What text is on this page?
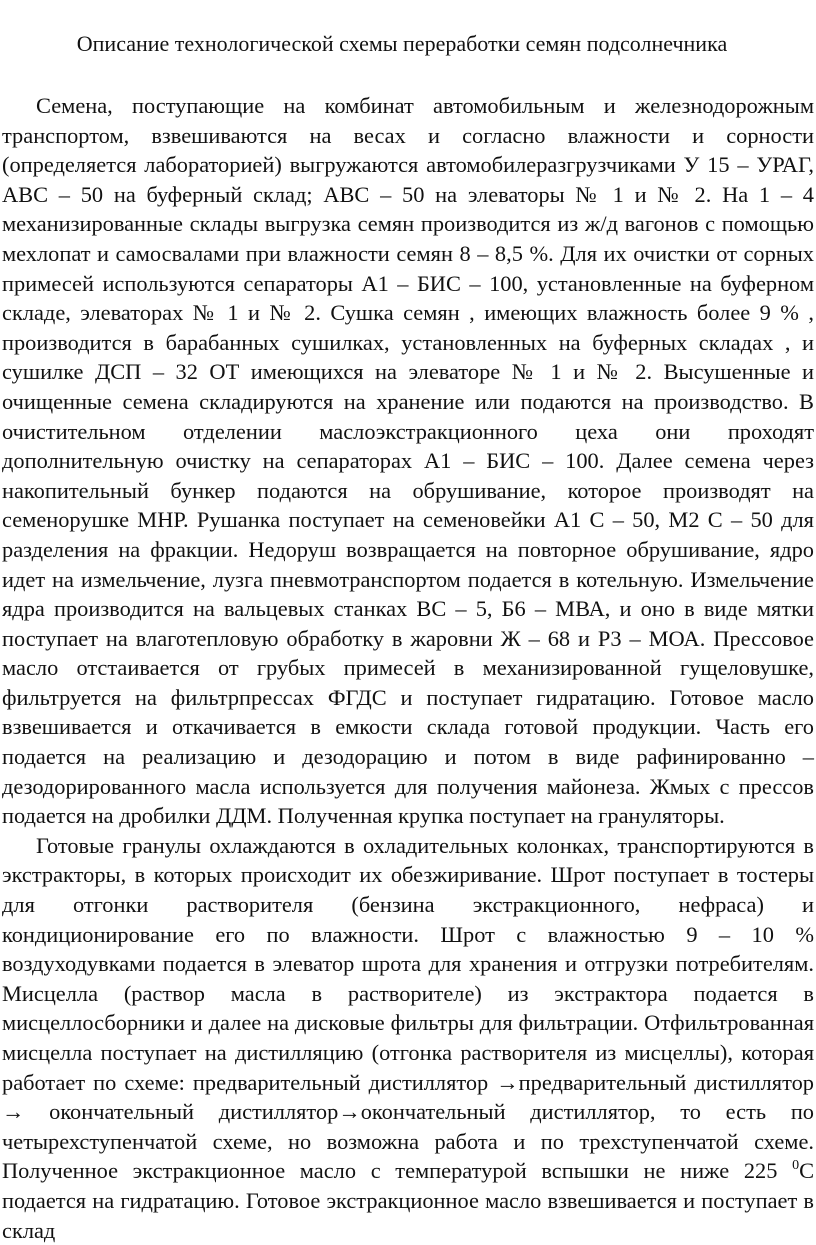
Описание технологической схемы переработки семян подсолнечника

Семена, поступающие на комбинат автомобильным и железнодорожным транспортом, взвешиваются на весах и согласно влажности и сорности (определяется лабораторией) выгружаются автомобилеразгрузчиками У 15 – УРАГ, АВС – 50 на буферный склад; АВС – 50 на элеваторы № 1 и № 2. На 1 – 4 механизированные склады выгрузка семян производится из ж/д вагонов с помощью мехлопат и самосвалами при влажности семян 8 – 8,5 %. Для их очистки от сорных примесей используются сепараторы А1 – БИС – 100, установленные на буферном складе, элеваторах № 1 и № 2. Сушка семян , имеющих влажность более 9 % , производится в барабанных сушилках, установленных на буферных складах , и сушилке ДСП – 32 ОТ имеющихся на элеваторе № 1 и № 2. Высушенные и очищенные семена складируются на хранение или подаются на производство. В очистительном отделении маслоэкстракционного цеха они проходят дополнительную очистку на сепараторах А1 – БИС – 100. Далее семена через накопительный бункер подаются на обрушивание, которое производят на семенорушке МНР. Рушанка поступает на семеновейки А1 С – 50, М2 С – 50 для разделения на фракции. Недоруш возвращается на повторное обрушивание, ядро идет на измельчение, лузга пневмотранспортом подается в котельную. Измельчение ядра производится на вальцевых станках ВС – 5, Б6 – МВА, и оно в виде мятки поступает на влаготепловую обработку в жаровни Ж – 68 и Р3 – МОА. Прессовое масло отстаивается от грубых примесей в механизированной гущеловушке, фильтруется на фильтрпрессах ФГДС и поступает гидратацию. Готовое масло взвешивается и откачивается в емкости склада готовой продукции. Часть его подается на реализацию и дезодорацию и потом в виде рафинированно – дезодорированного масла используется для получения майонеза. Жмых с прессов подается на дробилки ДДМ. Полученная крупка поступает на грануляторы.

Готовые гранулы охлаждаются в охладительных колонках, транспортируются в экстракторы, в которых происходит их обезжиривание. Шрот поступает в тостеры для отгонки растворителя (бензина экстракционного, нефраса) и кондиционирование его по влажности. Шрот с влажностью 9 – 10 % воздуходувками подается в элеватор шрота для хранения и отгрузки потребителям. Мисцелла (раствор масла в растворителе) из экстрактора подается в мисцеллосборники и далее на дисковые фильтры для фильтрации. Отфильтрованная мисцелла поступает на дистилляцию (отгонка растворителя из мисцеллы), которая работает по схеме: предварительный дистиллятор →предварительный дистиллятор → окончательный дистиллятор→окончательный дистиллятор, то есть по четырехступенчатой схеме, но возможна работа и по трехступенчатой схеме. Полученное экстракционное масло с температурой вспышки не ниже 225 $^0$С подается на гидратацию. Готовое экстракционное масло взвешивается и поступает в склад
